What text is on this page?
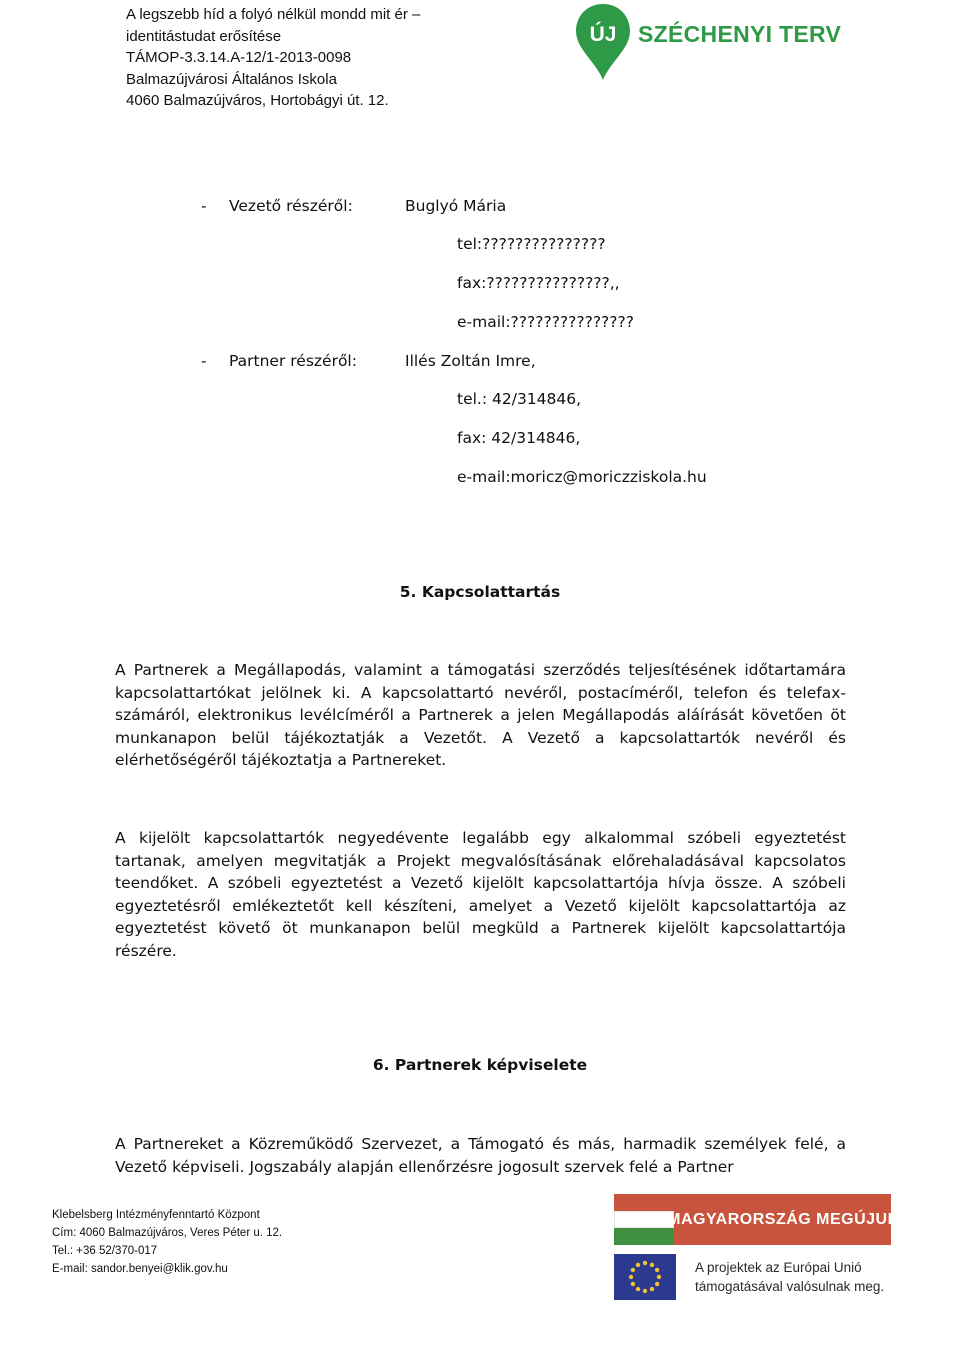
A legszebb híd a folyó nélkül mondd mit ér –
identitástudat erősítése
TÁMOP-3.3.14.A-12/1-2013-0098
Balmazújvárosi Általános Iskola
4060 Balmazújváros, Hortobágyi út. 12.
ÚJ SZÉCHENYI TERV
- Vezető részéről:	Buglyó Mária
tel:???????????????
fax:???????????????,,
e-mail:???????????????
- Partner részéről:	Illés Zoltán Imre,
tel.: 42/314846,
fax: 42/314846,
e-mail:moricz@moriczziskola.hu
5. Kapcsolattartás
A Partnerek a Megállapodás, valamint a támogatási szerződés teljesítésének időtartamára kapcsolattartókat jelölnek ki. A kapcsolattartó nevéről, postacíméről, telefon és telefax-számáról, elektronikus levélcíméről a Partnerek a jelen Megállapodás aláírását követően öt munkanapon belül tájékoztatják a Vezetőt. A Vezető a kapcsolattartók nevéről és elérhetőségéről tájékoztatja a Partnereket.
A kijelölt kapcsolattartók negyedévente legalább egy alkalommal szóbeli egyeztetést tartanak, amelyen megvitatják a Projekt megvalósításának előrehaladásával kapcsolatos teendőket. A szóbeli egyeztetést a Vezető kijelölt kapcsolattartója hívja össze. A szóbeli egyeztetésről emlékeztetőt kell készíteni, amelyet a Vezető kijelölt kapcsolattartója az egyeztetést követő öt munkanapon belül megküld a Partnerek kijelölt kapcsolattartója részére.
6. Partnerek képviselete
A Partnereket a Közreműködő Szervezet, a Támogató és más, harmadik személyek felé, a Vezető képviseli. Jogszabály alapján ellenőrzésre jogosult szervek felé a Partner
Klebelsberg Intézményfenntartó Központ
Cím: 4060 Balmazújváros, Veres Péter u. 12.
Tel.: +36 52/370-017
E-mail: sandor.benyei@klik.gov.hu
MAGYARORSZÁG MEGÚJUL
A projektek az Európai Unió
támogatásával valósulnak meg.
